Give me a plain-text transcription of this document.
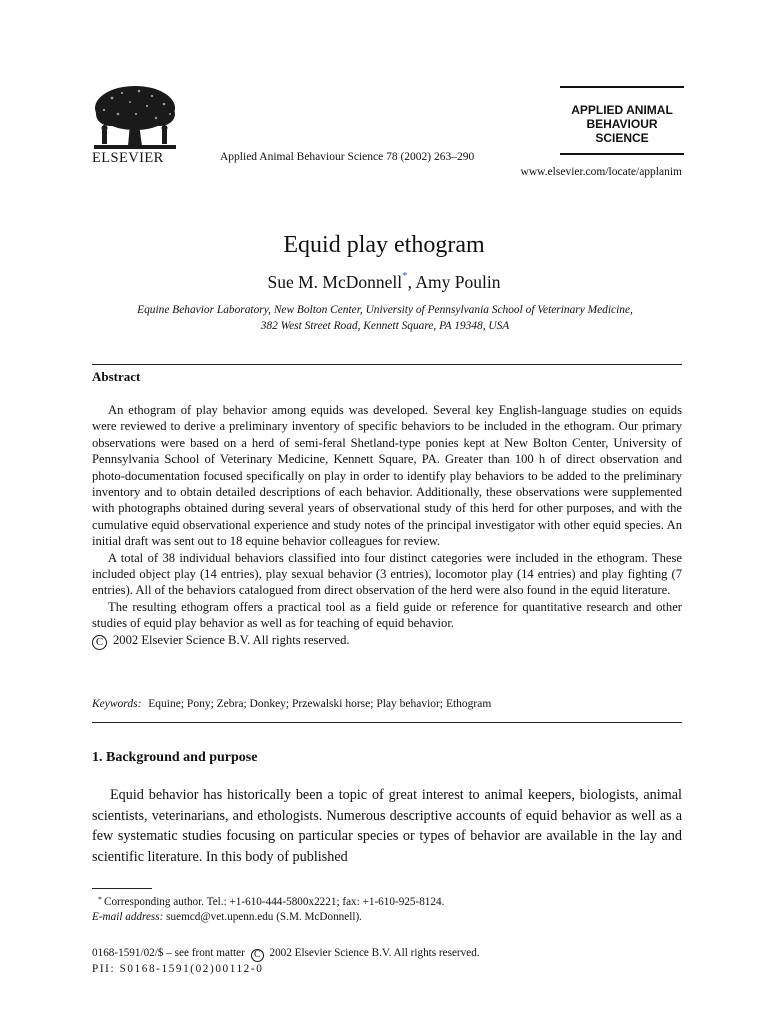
ELSEVIER	Applied Animal Behaviour Science 78 (2002) 263–290
APPLIED ANIMAL
BEHAVIOUR
SCIENCE
www.elsevier.com/locate/applanim
Equid play ethogram
Sue M. McDonnell*, Amy Poulin
Equine Behavior Laboratory, New Bolton Center, University of Pennsylvania School of Veterinary Medicine,
382 West Street Road, Kennett Square, PA 19348, USA
Abstract

An ethogram of play behavior among equids was developed. Several key English-language studies on equids were reviewed to derive a preliminary inventory of specific behaviors to be included in the ethogram. Our primary observations were based on a herd of semi-feral Shetland-type ponies kept at New Bolton Center, University of Pennsylvania School of Veterinary Medicine, Kennett Square, PA. Greater than 100 h of direct observation and photo-documentation focused specifically on play in order to identify play behaviors to be added to the preliminary inventory and to obtain detailed descriptions of each behavior. Additionally, these observations were supplemented with photographs obtained during several years of observational study of this herd for other purposes, and with the cumulative equid observational experience and study notes of the principal investigator with other equid species. An initial draft was sent out to 18 equine behavior colleagues for review.

A total of 38 individual behaviors classified into four distinct categories were included in the ethogram. These included object play (14 entries), play sexual behavior (3 entries), locomotor play (14 entries) and play fighting (7 entries). All of the behaviors catalogued from direct observation of the herd were also found in the equid literature.

The resulting ethogram offers a practical tool as a field guide or reference for quantitative research and other studies of equid play behavior as well as for teaching of equid behavior.

C 2002 Elsevier Science B.V. All rights reserved.

Keywords: Equine; Pony; Zebra; Donkey; Przewalski horse; Play behavior; Ethogram
1. Background and purpose

Equid behavior has historically been a topic of great interest to animal keepers, biologists, animal scientists, veterinarians, and ethologists. Numerous descriptive accounts of equid behavior as well as a few systematic studies focusing on particular species or types of behavior are available in the lay and scientific literature. In this body of published

* Corresponding author. Tel.: +1-610-444-5800x2221; fax: +1-610-925-8124.
E-mail address: suemcd@vet.upenn.edu (S.M. McDonnell).
0168-1591/02/$ – see front matter C 2002 Elsevier Science B.V. All rights reserved.
PII: S0168-1591(02)00112-0
